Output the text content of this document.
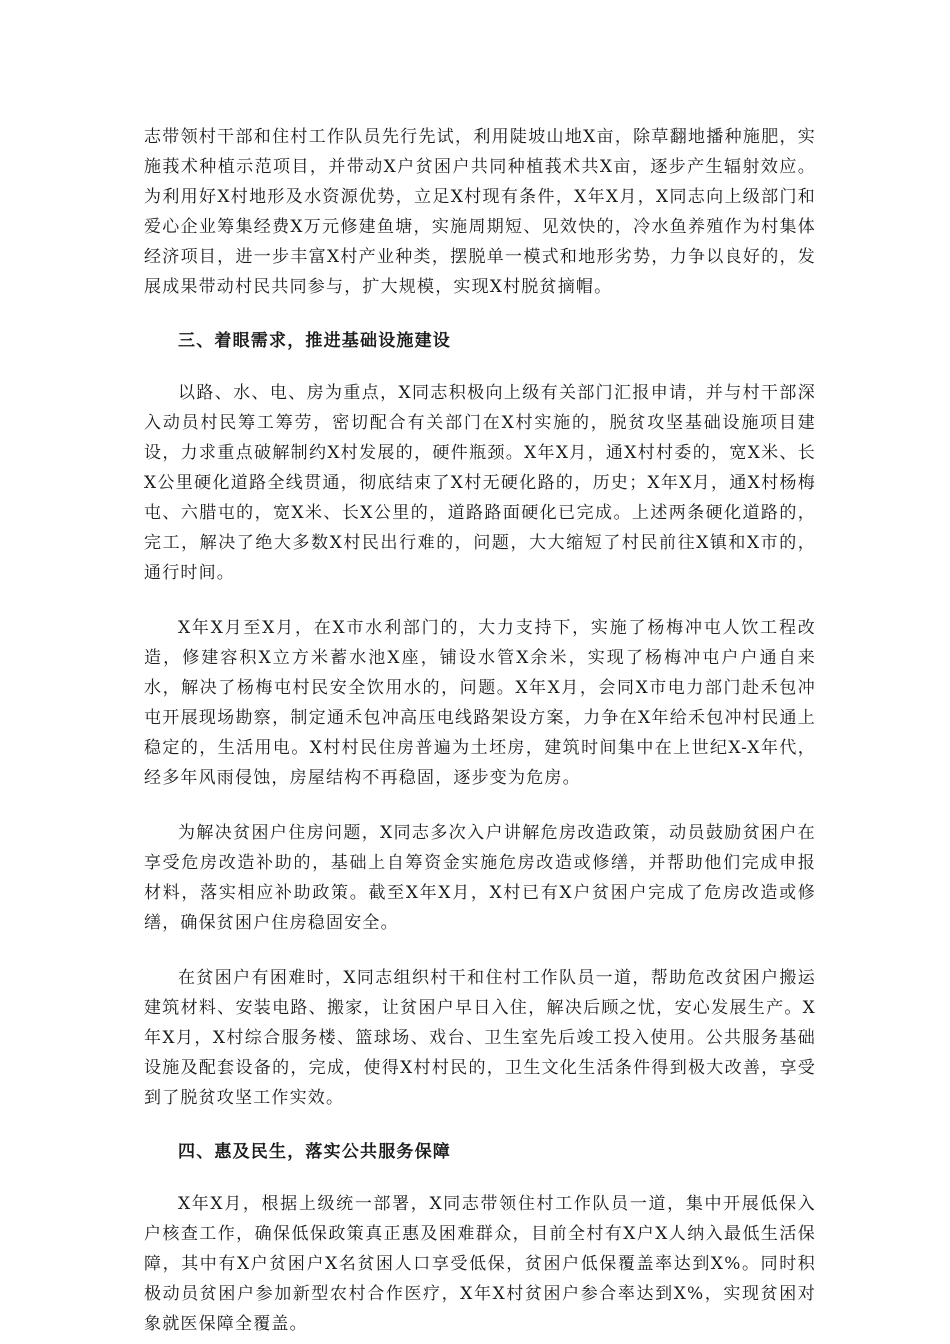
志带领村干部和住村工作队员先行先试，利用陡坡山地X亩，除草翻地播种施肥，实施莪术种植示范项目，并带动X户贫困户共同种植莪术共X亩，逐步产生辐射效应。为利用好X村地形及水资源优势，立足X村现有条件，X年X月，X同志向上级部门和爱心企业筹集经费X万元修建鱼塘，实施周期短、见效快的，冷水鱼养殖作为村集体经济项目，进一步丰富X村产业种类，摆脱单一模式和地形劣势，力争以良好的，发展成果带动村民共同参与，扩大规模，实现X村脱贫摘帽。

三、着眼需求，推进基础设施建设

以路、水、电、房为重点，X同志积极向上级有关部门汇报申请，并与村干部深入动员村民筹工筹劳，密切配合有关部门在X村实施的，脱贫攻坚基础设施项目建设，力求重点破解制约X村发展的，硬件瓶颈。X年X月，通X村村委的，宽X米、长X公里硬化道路全线贯通，彻底结束了X村无硬化路的，历史；X年X月，通X村杨梅屯、六腊屯的，宽X米、长X公里的，道路路面硬化已完成。上述两条硬化道路的，完工，解决了绝大多数X村民出行难的，问题，大大缩短了村民前往X镇和X市的，通行时间。

X年X月至X月，在X市水利部门的，大力支持下，实施了杨梅冲屯人饮工程改造，修建容积X立方米蓄水池X座，铺设水管X余米，实现了杨梅冲屯户户通自来水，解决了杨梅屯村民安全饮用水的，问题。X年X月，会同X市电力部门赴禾包冲屯开展现场勘察，制定通禾包冲高压电线路架设方案，力争在X年给禾包冲村民通上稳定的，生活用电。X村村民住房普遍为土坯房，建筑时间集中在上世纪X-X年代，经多年风雨侵蚀，房屋结构不再稳固，逐步变为危房。

为解决贫困户住房问题，X同志多次入户讲解危房改造政策，动员鼓励贫困户在享受危房改造补助的，基础上自筹资金实施危房改造或修缮，并帮助他们完成申报材料，落实相应补助政策。截至X年X月，X村已有X户贫困户完成了危房改造或修缮，确保贫困户住房稳固安全。

在贫困户有困难时，X同志组织村干和住村工作队员一道，帮助危改贫困户搬运建筑材料、安装电路、搬家，让贫困户早日入住，解决后顾之忧，安心发展生产。X年X月，X村综合服务楼、篮球场、戏台、卫生室先后竣工投入使用。公共服务基础设施及配套设备的，完成，使得X村村民的，卫生文化生活条件得到极大改善，享受到了脱贫攻坚工作实效。

四、惠及民生，落实公共服务保障

X年X月，根据上级统一部署，X同志带领住村工作队员一道，集中开展低保入户核查工作，确保低保政策真正惠及困难群众，目前全村有X户X人纳入最低生活保障，其中有X户贫困户X名贫困人口享受低保，贫困户低保覆盖率达到X%。同时积极动员贫困户参加新型农村合作医疗，X年X村贫困户参合率达到X%，实现贫困对象就医保障全覆盖。
